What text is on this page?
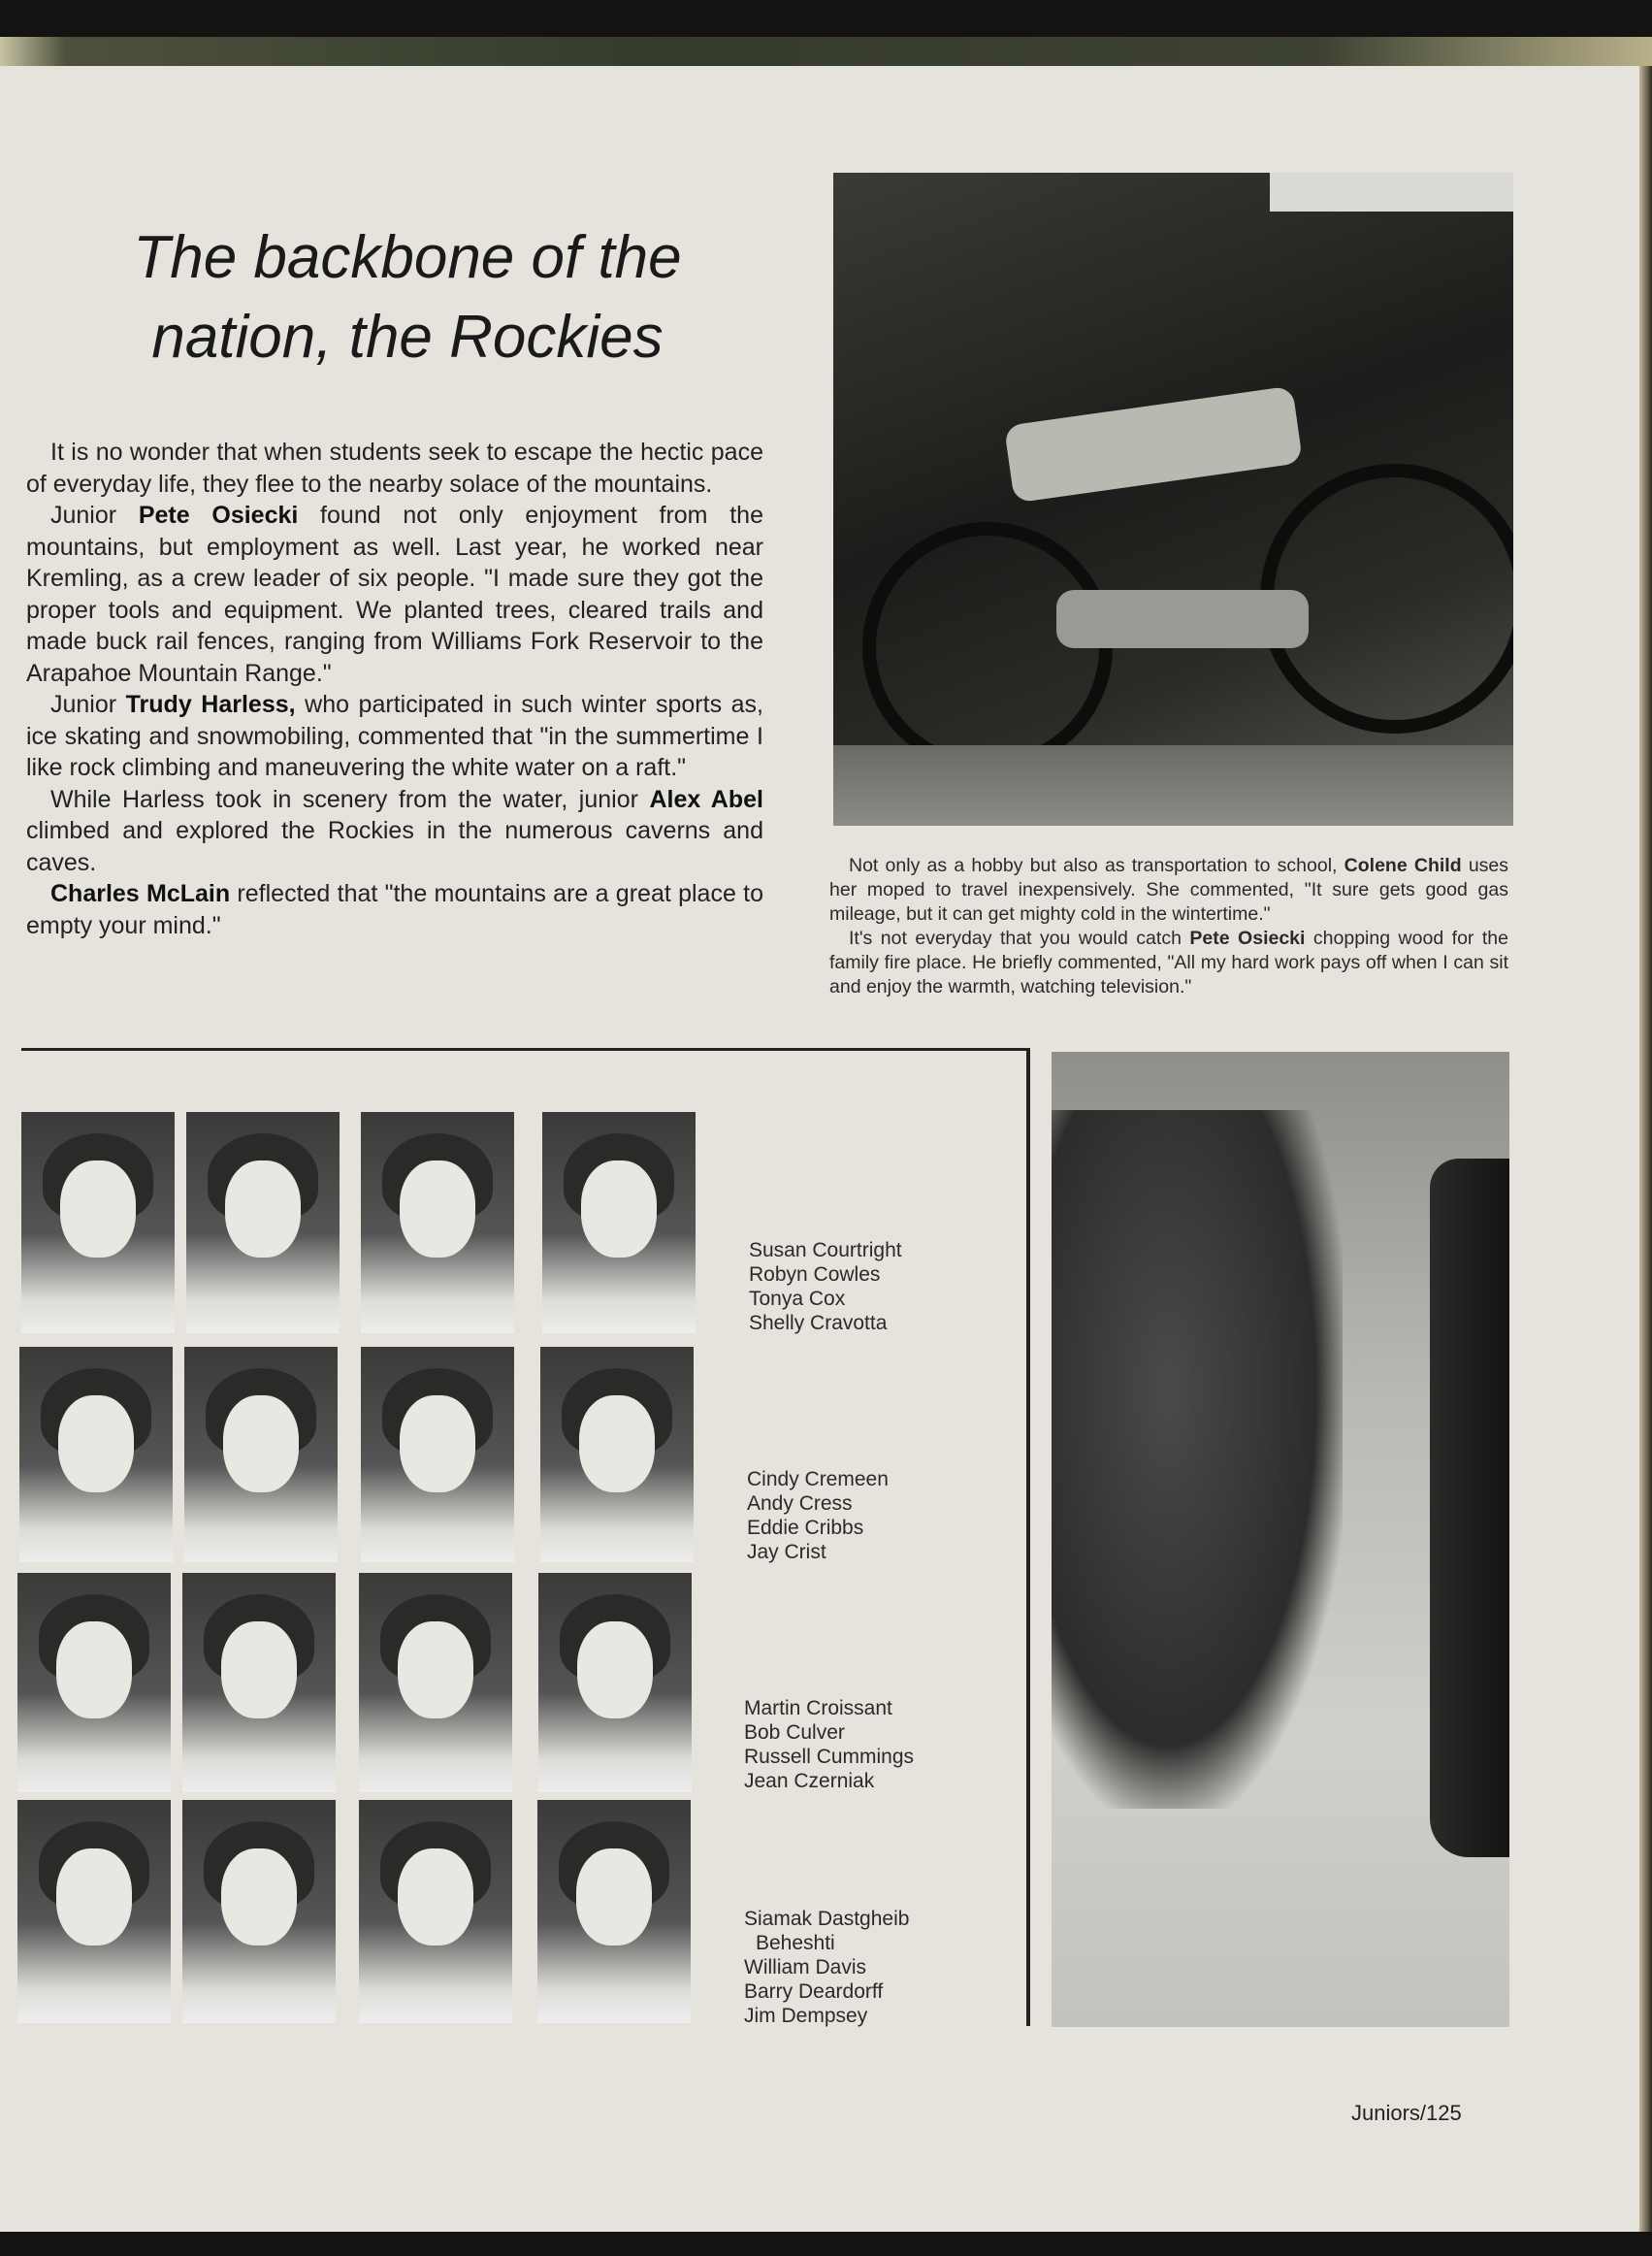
The backbone of the
nation, the Rockies

It is no wonder that when students seek to escape the hectic pace of everyday life, they flee to the nearby solace of the mountains.

Junior Pete Osiecki found not only enjoyment from the mountains, but employment as well. Last year, he worked near Kremling, as a crew leader of six people. "I made sure they got the proper tools and equipment. We planted trees, cleared trails and made buck rail fences, ranging from Williams Fork Reservoir to the Arapahoe Mountain Range."

Junior Trudy Harless, who participated in such winter sports as, ice skating and snowmobiling, commented that "in the summertime I like rock climbing and maneuvering the white water on a raft."

While Harless took in scenery from the water, junior Alex Abel climbed and explored the Rockies in the numerous caverns and caves.

Charles McLain reflected that "the mountains are a great place to empty your mind."

Not only as a hobby but also as transportation to school, Colene Child uses her moped to travel inexpensively. She commented, "It sure gets good gas mileage, but it can get mighty cold in the wintertime."

It's not everyday that you would catch Pete Osiecki chopping wood for the family fire place. He briefly commented, "All my hard work pays off when I can sit and enjoy the warmth, watching television."

Susan Courtright
Robyn Cowles
Tonya Cox
Shelly Cravotta
Cindy Cremeen
Andy Cress
Eddie Cribbs
Jay Crist
Martin Croissant
Bob Culver
Russell Cummings
Jean Czerniak
Siamak Dastgheib
Beheshti
William Davis
Barry Deardorff
Jim Dempsey
Juniors/125
